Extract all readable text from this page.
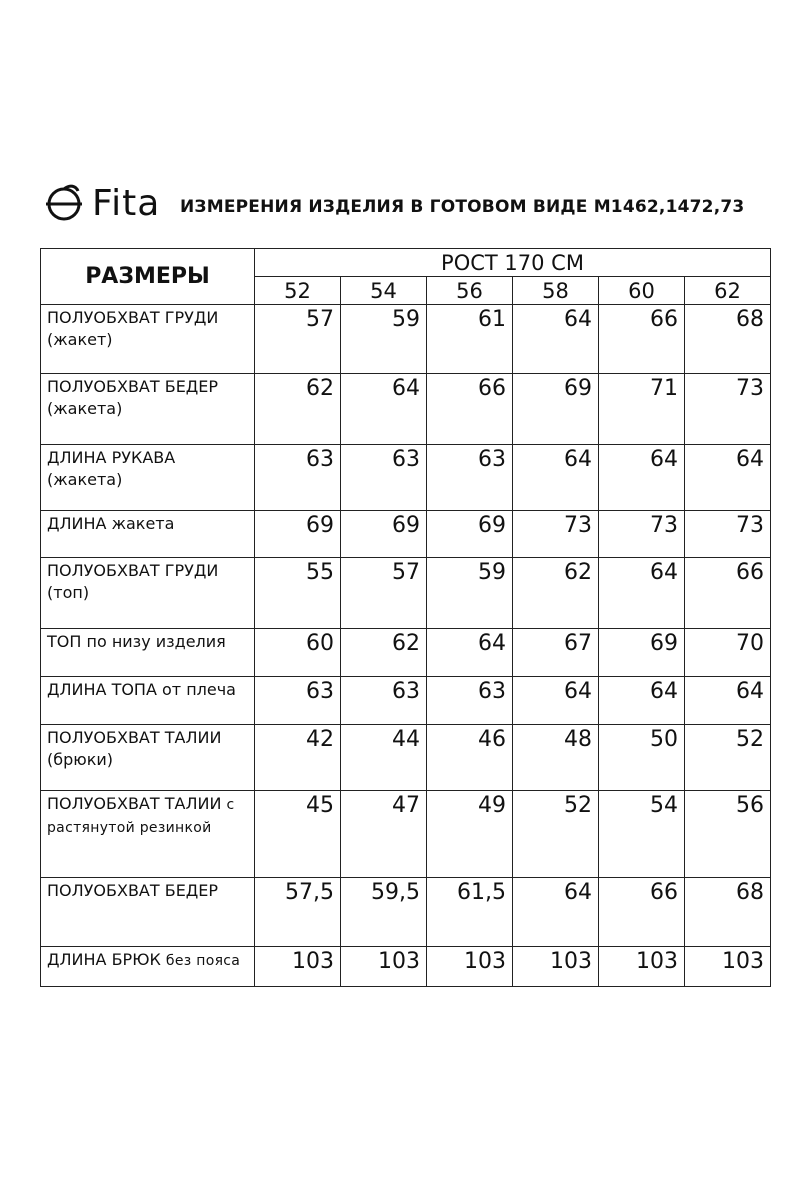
Fita ИЗМЕРЕНИЯ ИЗДЕЛИЯ В ГОТОВОМ ВИДЕ М1462,1472,73
РАЗМЕРЫ	РОСТ 170 СМ					
	52	54	56	58	60	62
ПОЛУОБХВАТ ГРУДИ (жакет)	57	59	61	64	66	68
ПОЛУОБХВАТ БЕДЕР (жакета)	62	64	66	69	71	73
ДЛИНА РУКАВА (жакета)	63	63	63	64	64	64
ДЛИНА жакета	69	69	69	73	73	73
ПОЛУОБХВАТ ГРУДИ (топ)	55	57	59	62	64	66
ТОП по низу изделия	60	62	64	67	69	70
ДЛИНА ТОПА от плеча	63	63	63	64	64	64
ПОЛУОБХВАТ ТАЛИИ (брюки)	42	44	46	48	50	52
ПОЛУОБХВАТ ТАЛИИ с растянутой резинкой	45	47	49	52	54	56
ПОЛУОБХВАТ БЕДЕР	57,5	59,5	61,5	64	66	68
ДЛИНА БРЮК без пояса	103	103	103	103	103	103
